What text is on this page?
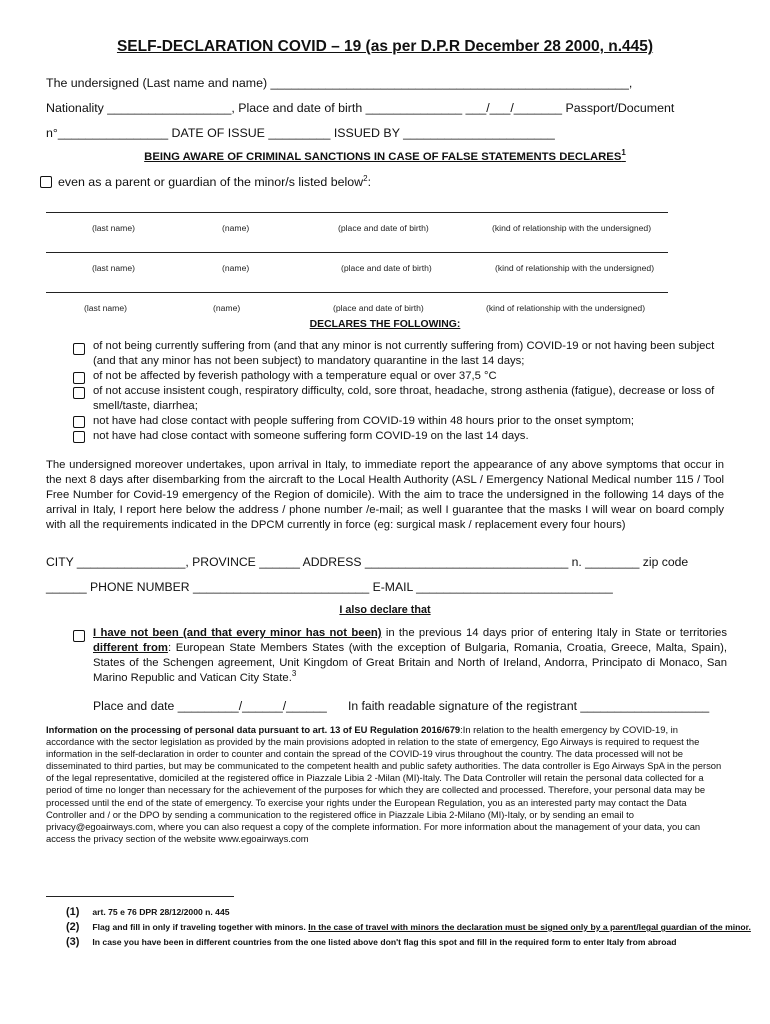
SELF-DECLARATION COVID – 19 (as per D.P.R December 28 2000, n.445)
The undersigned (Last name and name) ____________________________________________________,
Nationality __________________, Place and date of birth ______________ ___/___/_______ Passport/Document
n°________________ DATE OF ISSUE _________ ISSUED BY ______________________
BEING AWARE OF CRIMINAL SANCTIONS IN CASE OF FALSE STATEMENTS DECLARES$^1$
even as a parent or guardian of the minor/s listed below$^2$:
(last name)	(name)	(place and date of birth)	(kind of relationship with the undersigned)
(last name)	(name)	(place and date of birth)	(kind of relationship with the undersigned)
(last name)	(name)	(place and date of birth)	(kind of relationship with the undersigned)
DECLARES THE FOLLOWING:
of not being currently suffering from (and that any minor is not currently suffering from) COVID-19 or not having been subject (and that any minor has not been subject) to mandatory quarantine in the last 14 days;
of not be affected by feverish pathology with a temperature equal or over 37,5 °C
of not accuse insistent cough, respiratory difficulty, cold, sore throat, headache, strong asthenia (fatigue), decrease or loss of smell/taste, diarrhea;
not have had close contact with people suffering from COVID-19 within 48 hours prior to the onset symptom;
not have had close contact with someone suffering form COVID-19 on the last 14 days.
The undersigned moreover undertakes, upon arrival in Italy, to immediate report the appearance of any above symptoms that occur in the next 8 days after disembarking from the aircraft to the Local Health Authority (ASL / Emergency National Medical number 115 / Tool Free Number for Covid-19 emergency of the Region of domicile). With the aim to trace the undersigned in the following 14 days of the arrival in Italy, I report here below the address / phone number /e-mail; as well I guarantee that the masks I will wear on board comply with all the requirements indicated in the DPCM currently in force (eg: surgical mask / replacement every four hours)
CITY ________________, PROVINCE ______ ADDRESS ______________________________ n. ________ zip code
______ PHONE NUMBER __________________________ E-MAIL _____________________________
I also declare that
I have not been (and that every minor has not been) in the previous 14 days prior of entering Italy in State or territories different from: European State Members States (with the exception of Bulgaria, Romania, Croatia, Greece, Malta, Spain), States of the Schengen agreement, Unit Kingdom of Great Britain and North of Ireland, Andorra, Principato di Monaco, San Marino Republic and Vatican City State.$^3$
Place and date _________/______/______ In faith readable signature of the registrant ___________________
Information on the processing of personal data pursuant to art. 13 of EU Regulation 2016/679:In relation to the health emergency by COVID-19, in accordance with the sector legislation as provided by the main provisions adopted in relation to the state of emergency, Ego Airways is required to request the information in the self-declaration in order to counter and contain the spread of the COVID-19 virus throughout the country. The data processed will not be disseminated to third parties, but may be communicated to the competent health and public safety authorities. The data controller is Ego Airways SpA in the person of the legal representative, domiciled at the registered office in Piazzale Libia 2 -Milan (MI)-Italy. The Data Controller will retain the personal data collected for a period of time no longer than necessary for the achievement of the purposes for which they are collected and processed. Therefore, your personal data may be processed until the end of the state of emergency. To exercise your rights under the European Regulation, you as an interested party may contact the Data Controller and / or the DPO by sending a communication to the registered office in Piazzale Libia 2-Milano (MI)-Italy, or by sending an email to privacy@egoairways.com, where you can also request a copy of the complete information. For more information about the management of your data, you can access the privacy section of the website www.egoairways.com
(1) art. 75 e 76 DPR 28/12/2000 n. 445
(2) Flag and fill in only if traveling together with minors. In the case of travel with minors the declaration must be signed only by a parent/legal guardian of the minor.
(3) In case you have been in different countries from the one listed above don't flag this spot and fill in the required form to enter Italy from abroad
